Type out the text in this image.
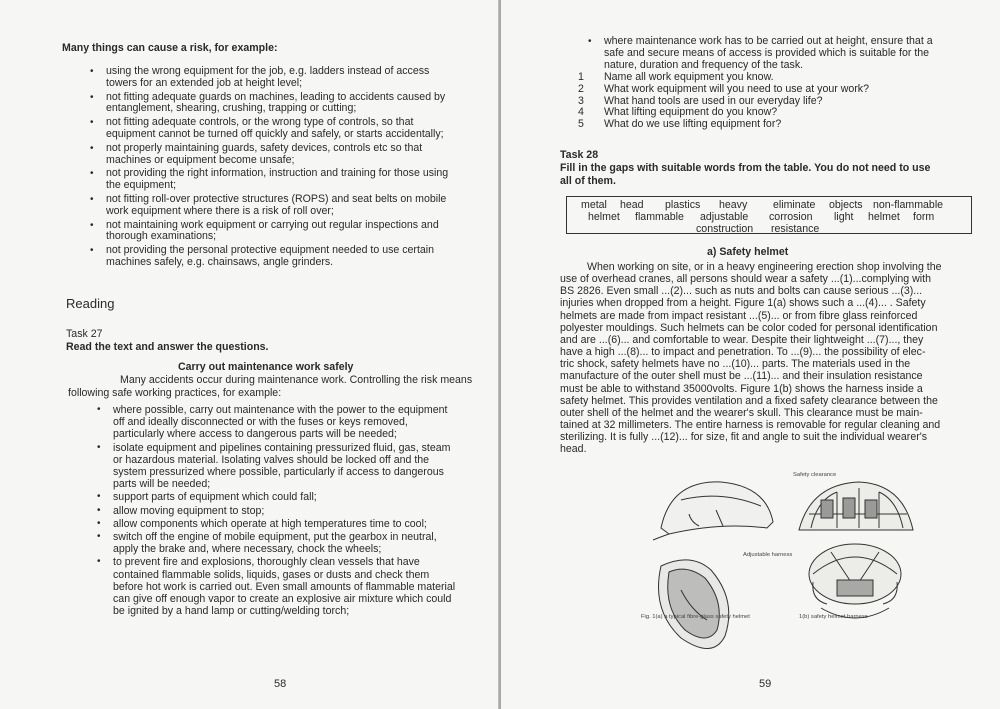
Many things can cause a risk, for example:
• using the wrong equipment for the job, e.g. ladders instead of access

towers for an extended job at height level;

• not fitting adequate guards on machines, leading to accidents caused by

entanglement, shearing, crushing, trapping or cutting;

• not fitting adequate controls, or the wrong type of controls, so that

equipment cannot be turned off quickly and safely, or starts accidentally;

• not properly maintaining guards, safety devices, controls etc so that

machines or equipment become unsafe;

• not providing the right information, instruction and training for those using

the equipment;

• not fitting roll-over protective structures (ROPS) and seat belts on mobile

work equipment where there is a risk of roll over;

• not maintaining work equipment or carrying out regular inspections and

thorough examinations;

• not providing the personal protective equipment needed to use certain

machines safely, e.g. chainsaws, angle grinders.

Reading
Task 27
Read the text and answer the questions.
Carry out maintenance work safely
Many accidents occur during maintenance work. Controlling the risk means
following safe working practices, for example:
• where possible, carry out maintenance with the power to the equipment

off and ideally disconnected or with the fuses or keys removed,

particularly where access to dangerous parts will be needed;

• isolate equipment and pipelines containing pressurized fluid, gas, steam

or hazardous material. Isolating valves should be locked off and the

system pressurized where possible, particularly if access to dangerous

parts will be needed;

• support parts of equipment which could fall;

• allow moving equipment to stop;

• allow components which operate at high temperatures time to cool;

• switch off the engine of mobile equipment, put the gearbox in neutral,

apply the brake and, where necessary, chock the wheels;

• to prevent fire and explosions, thoroughly clean vessels that have

contained flammable solids, liquids, gases or dusts and check them

before hot work is carried out. Even small amounts of flammable material

can give off enough vapor to create an explosive air mixture which could

be ignited by a hand lamp or cutting/welding torch;

58
• where maintenance work has to be carried out at height, ensure that a

safe and secure means of access is provided which is suitable for the

nature, duration and frequency of the task.

1 Name all work equipment you know.
2 What work equipment will you need to use at your work?
3 What hand tools are used in our everyday life?
4 What lifting equipment do you know?
5 What do we use lifting equipment for?
Task 28
Fill in the gaps with suitable words from the table. You do not need to use
all of them.
metal head plastics heavy eliminate objects non-flammable
helmet flammable adjustable corrosion light helmet form
construction resistance
a) Safety helmet
When working on site, or in a heavy engineering erection shop involving the
use of overhead cranes, all persons should wear a safety ...(1)...complying with
BS 2826. Even small ...(2)... such as nuts and bolts can cause serious ...(3)...
injuries when dropped from a height. Figure 1(a) shows such a ...(4)... . Safety
helmets are made from impact resistant ...(5)... or from fibre glass reinforced
polyester mouldings. Such helmets can be color coded for personal identification
and are ...(6)... and comfortable to wear. Despite their lightweight ...(7)..., they
have a high ...(8)... to impact and penetration. To ...(9)... the possibility of elec-
tric shock, safety helmets have no ...(10)... parts. The materials used in the
manufacture of the outer shell must be ...(11)... and their insulation resistance
must be able to withstand 35000volts. Figure 1(b) shows the harness inside a
safety helmet. This provides ventilation and a fixed safety clearance between the
outer shell of the helmet and the wearer's skull. This clearance must be main-
tained at 32 millimeters. The entire harness is removable for regular cleaning and
sterilizing. It is fully ...(12)... for size, fit and angle to suit the individual wearer's
head.
Safety clearance
Adjustable harness
Fig. 1(a) a typical fibre-glass safety helmet	1(b) safety helmet harness
59
